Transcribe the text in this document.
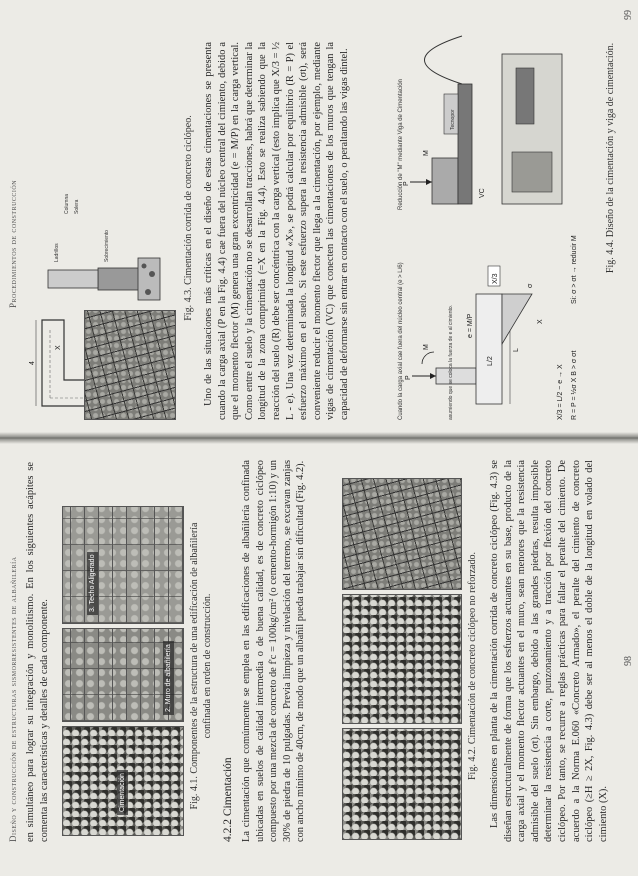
Diseño y construcción de estructuras sismorresistentes de albañilería en simultáneo para lograr su integración y monolitismo. En los siguientes acápites se comenta las características y detalles de cada componente.	Cimentación
2. Muro de albañilería
3. Techo Aligerado	Fig. 4.1. Componentes de la estructura de una edificación de albañilería confinada en orden de construcción.

4.2.2 Cimentación La cimentación que comúnmente se emplea en las edificaciones de albañilería confinada ubicadas en suelos de calidad intermedia o de buena calidad, es de concreto ciclópeo compuesto por una mezcla de concreto de f'c = 100kg/cm² (o cemento-hormigón 1:10) y un 30% de piedra de 10 pulgadas. Previa limpieza y nivelación del terreno, se excavan zanjas con ancho mínimo de 40cm, de modo que un albañil pueda trabajar sin dificultad (Fig. 4.2).	Fig. 4.2. Cimentación de concreto ciclópeo no reforzado. Las dimensiones en planta de la cimentación corrida de concreto ciclópeo (Fig. 4.3) se diseñan estructuralmente de forma que los esfuerzos actuantes en su base, producto de la carga axial y el momento flector actuantes en el muro, sean menores que la resistencia admisible del suelo (σt). Sin embargo, debido a las grandes piedras, resulta imposible determinar la resistencia a corte, punzonamiento y a tracción por flexión del concreto ciclópeo. Por tanto, se recurre a reglas prácticas para fallar el peralte del cimiento. De acuerdo a la Norma E.060 «Concreto Armado», el peralte del cimiento de concreto ciclópeo (≥H ≥ 2X, Fig. 4.3) debe ser al menos el doble de la longitud en volado del cimiento (X).

98
Procedimientos de construcción
4
X
Ladrillos	Sobrecimiento
Columna Solera	Fig. 4.3. Cimentación corrida de concreto ciclópeo. Uno de las situaciones más críticas en el diseño de estas cimentaciones se presenta cuando la carga axial (P en la Fig. 4.4) cae fuera del núcleo central del cimiento, debido a que el momento flector (M) genera una gran excentricidad (e = M/P) en la carga vertical. Como entre el suelo y la cimentación no se desarrollan tracciones, habrá que determinar la longitud de la zona comprimida (=X en la Fig. 4.4). Esto se realiza sabiendo que la reacción del suelo (R) debe ser concéntrica con la carga vertical (esto implica que X/3 = ½ L - e). Una vez determinada la longitud «X», se podrá calcular por equilibrio (R = P) el esfuerzo máximo en el suelo. Si este esfuerzo supera la resistencia admisible (σt), será conveniente reducir el momento flector que llega a la cimentación, por ejemplo, mediante vigas de cimentación (VC) que conecten las cimentaciones de los muros que tengan la capacidad de deformarse sin entrar en contacto con el suelo, o peraltando las vigas dintel.	Cuando la carga axial cae fuera del núcleo central (e > L/6) P
M
L/2
e = M/P
L
X
X/3
σ
asumiendo que se coloca la fuerza de e al cimiento.	X/3 = L/2 − e → X R = P = ½σ X B > σ σt
Si: σ > σt → reducir M
Reducción de "M" mediante Viga de Cimentación P
M
VC
Tecnopor	Fig. 4.4. Diseño de la cimentación y viga de cimentación.

99
